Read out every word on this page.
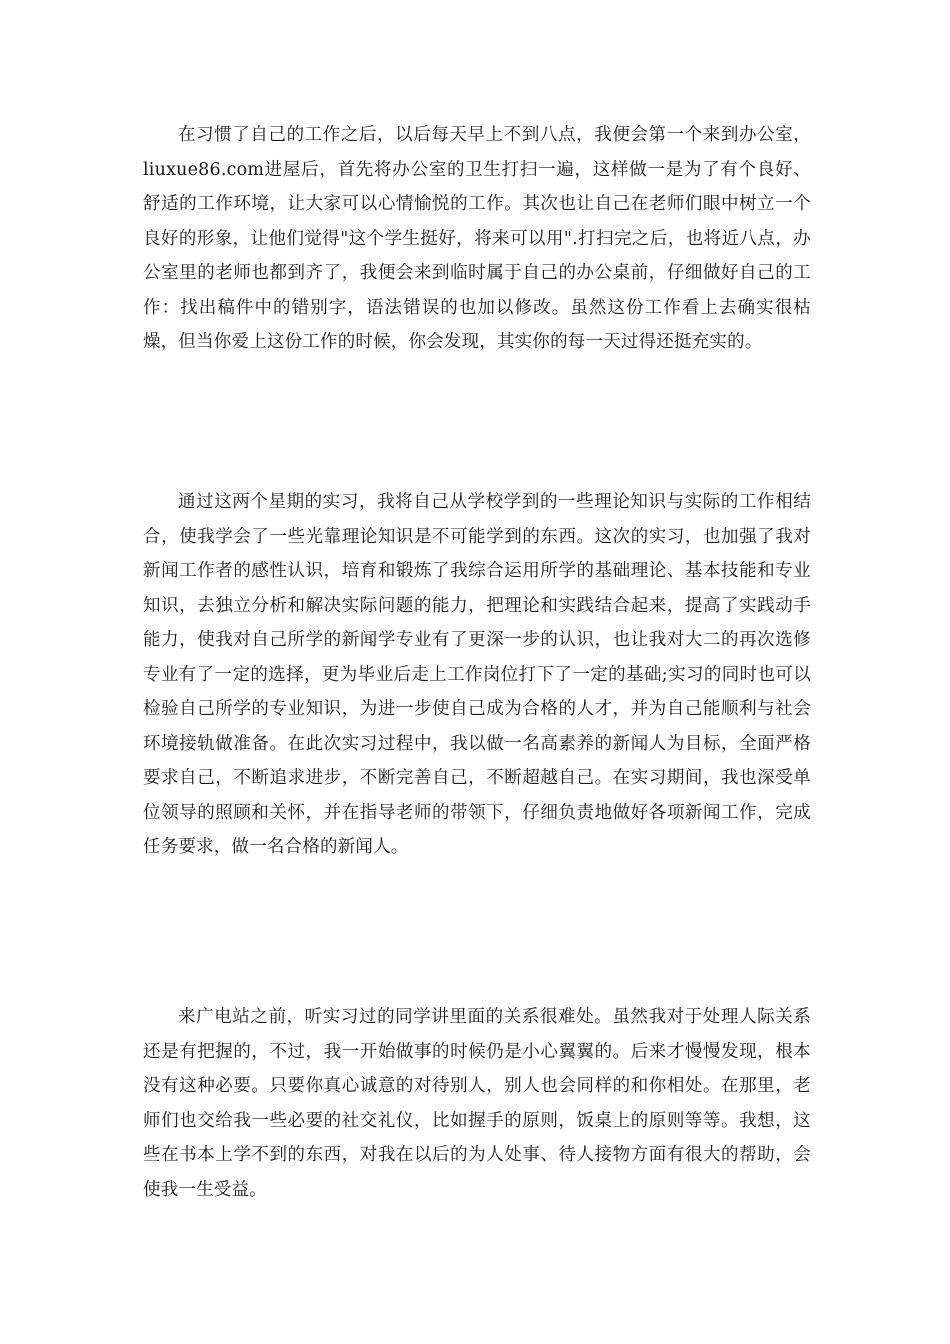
在习惯了自己的工作之后，以后每天早上不到八点，我便会第一个来到办公室，liuxue86.com进屋后，首先将办公室的卫生打扫一遍，这样做一是为了有个良好、舒适的工作环境，让大家可以心情愉悦的工作。其次也让自己在老师们眼中树立一个良好的形象，让他们觉得"这个学生挺好，将来可以用".打扫完之后，也将近八点，办公室里的老师也都到齐了，我便会来到临时属于自己的办公桌前，仔细做好自己的工作：找出稿件中的错别字，语法错误的也加以修改。虽然这份工作看上去确实很枯燥，但当你爱上这份工作的时候，你会发现，其实你的每一天过得还挺充实的。

通过这两个星期的实习，我将自己从学校学到的一些理论知识与实际的工作相结合，使我学会了一些光靠理论知识是不可能学到的东西。这次的实习，也加强了我对新闻工作者的感性认识，培育和锻炼了我综合运用所学的基础理论、基本技能和专业知识，去独立分析和解决实际问题的能力，把理论和实践结合起来，提高了实践动手能力，使我对自己所学的新闻学专业有了更深一步的认识，也让我对大二的再次选修专业有了一定的选择，更为毕业后走上工作岗位打下了一定的基础;实习的同时也可以检验自己所学的专业知识，为进一步使自己成为合格的人才，并为自己能顺利与社会环境接轨做准备。在此次实习过程中，我以做一名高素养的新闻人为目标，全面严格要求自己，不断追求进步，不断完善自己，不断超越自己。在实习期间，我也深受单位领导的照顾和关怀，并在指导老师的带领下，仔细负责地做好各项新闻工作，完成任务要求，做一名合格的新闻人。

来广电站之前，听实习过的同学讲里面的关系很难处。虽然我对于处理人际关系还是有把握的，不过，我一开始做事的时候仍是小心翼翼的。后来才慢慢发现，根本没有这种必要。只要你真心诚意的对待别人，别人也会同样的和你相处。在那里，老师们也交给我一些必要的社交礼仪，比如握手的原则，饭桌上的原则等等。我想，这些在书本上学不到的东西，对我在以后的为人处事、待人接物方面有很大的帮助，会使我一生受益。
